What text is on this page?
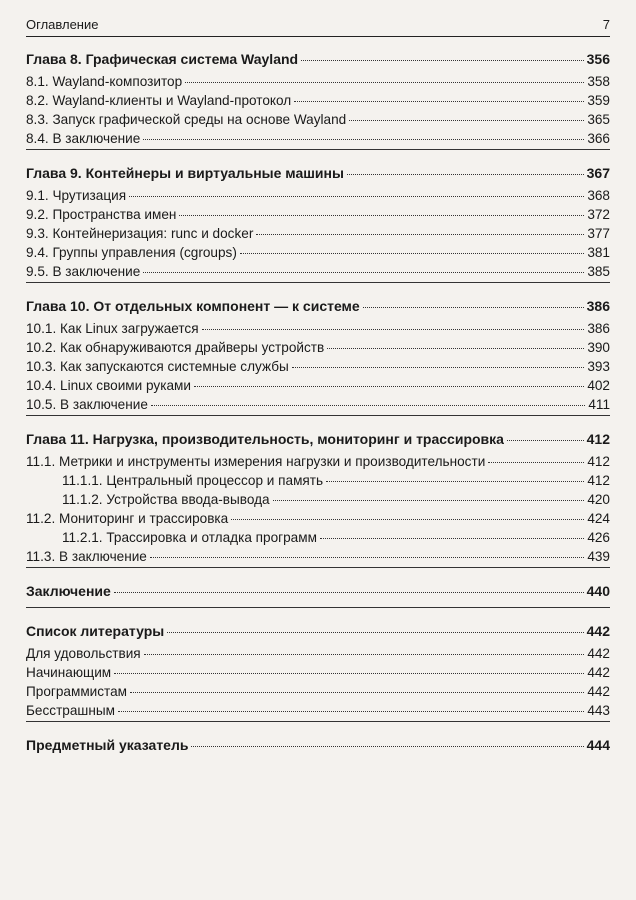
Оглавление	7
Глава 8. Графическая система Wayland	356
8.1. Wayland-композитор	358
8.2. Wayland-клиенты и Wayland-протокол	359
8.3. Запуск графической среды на основе Wayland	365
8.4. В заключение	366
Глава 9. Контейнеры и виртуальные машины	367
9.1. Чрутизация	368
9.2. Пространства имен	372
9.3. Контейнеризация: runc и docker	377
9.4. Группы управления (cgroups)	381
9.5. В заключение	385
Глава 10. От отдельных компонент — к системе	386
10.1. Как Linux загружается	386
10.2. Как обнаруживаются драйверы устройств	390
10.3. Как запускаются системные службы	393
10.4. Linux своими руками	402
10.5. В заключение	411
Глава 11. Нагрузка, производительность, мониторинг и трассировка	412
11.1. Метрики и инструменты измерения нагрузки и производительности	412
11.1.1. Центральный процессор и память	412
11.1.2. Устройства ввода-вывода	420
11.2. Мониторинг и трассировка	424
11.2.1. Трассировка и отладка программ	426
11.3. В заключение	439
Заключение	440
Список литературы	442
Для удовольствия	442
Начинающим	442
Программистам	442
Бесстрашным	443
Предметный указатель	444
